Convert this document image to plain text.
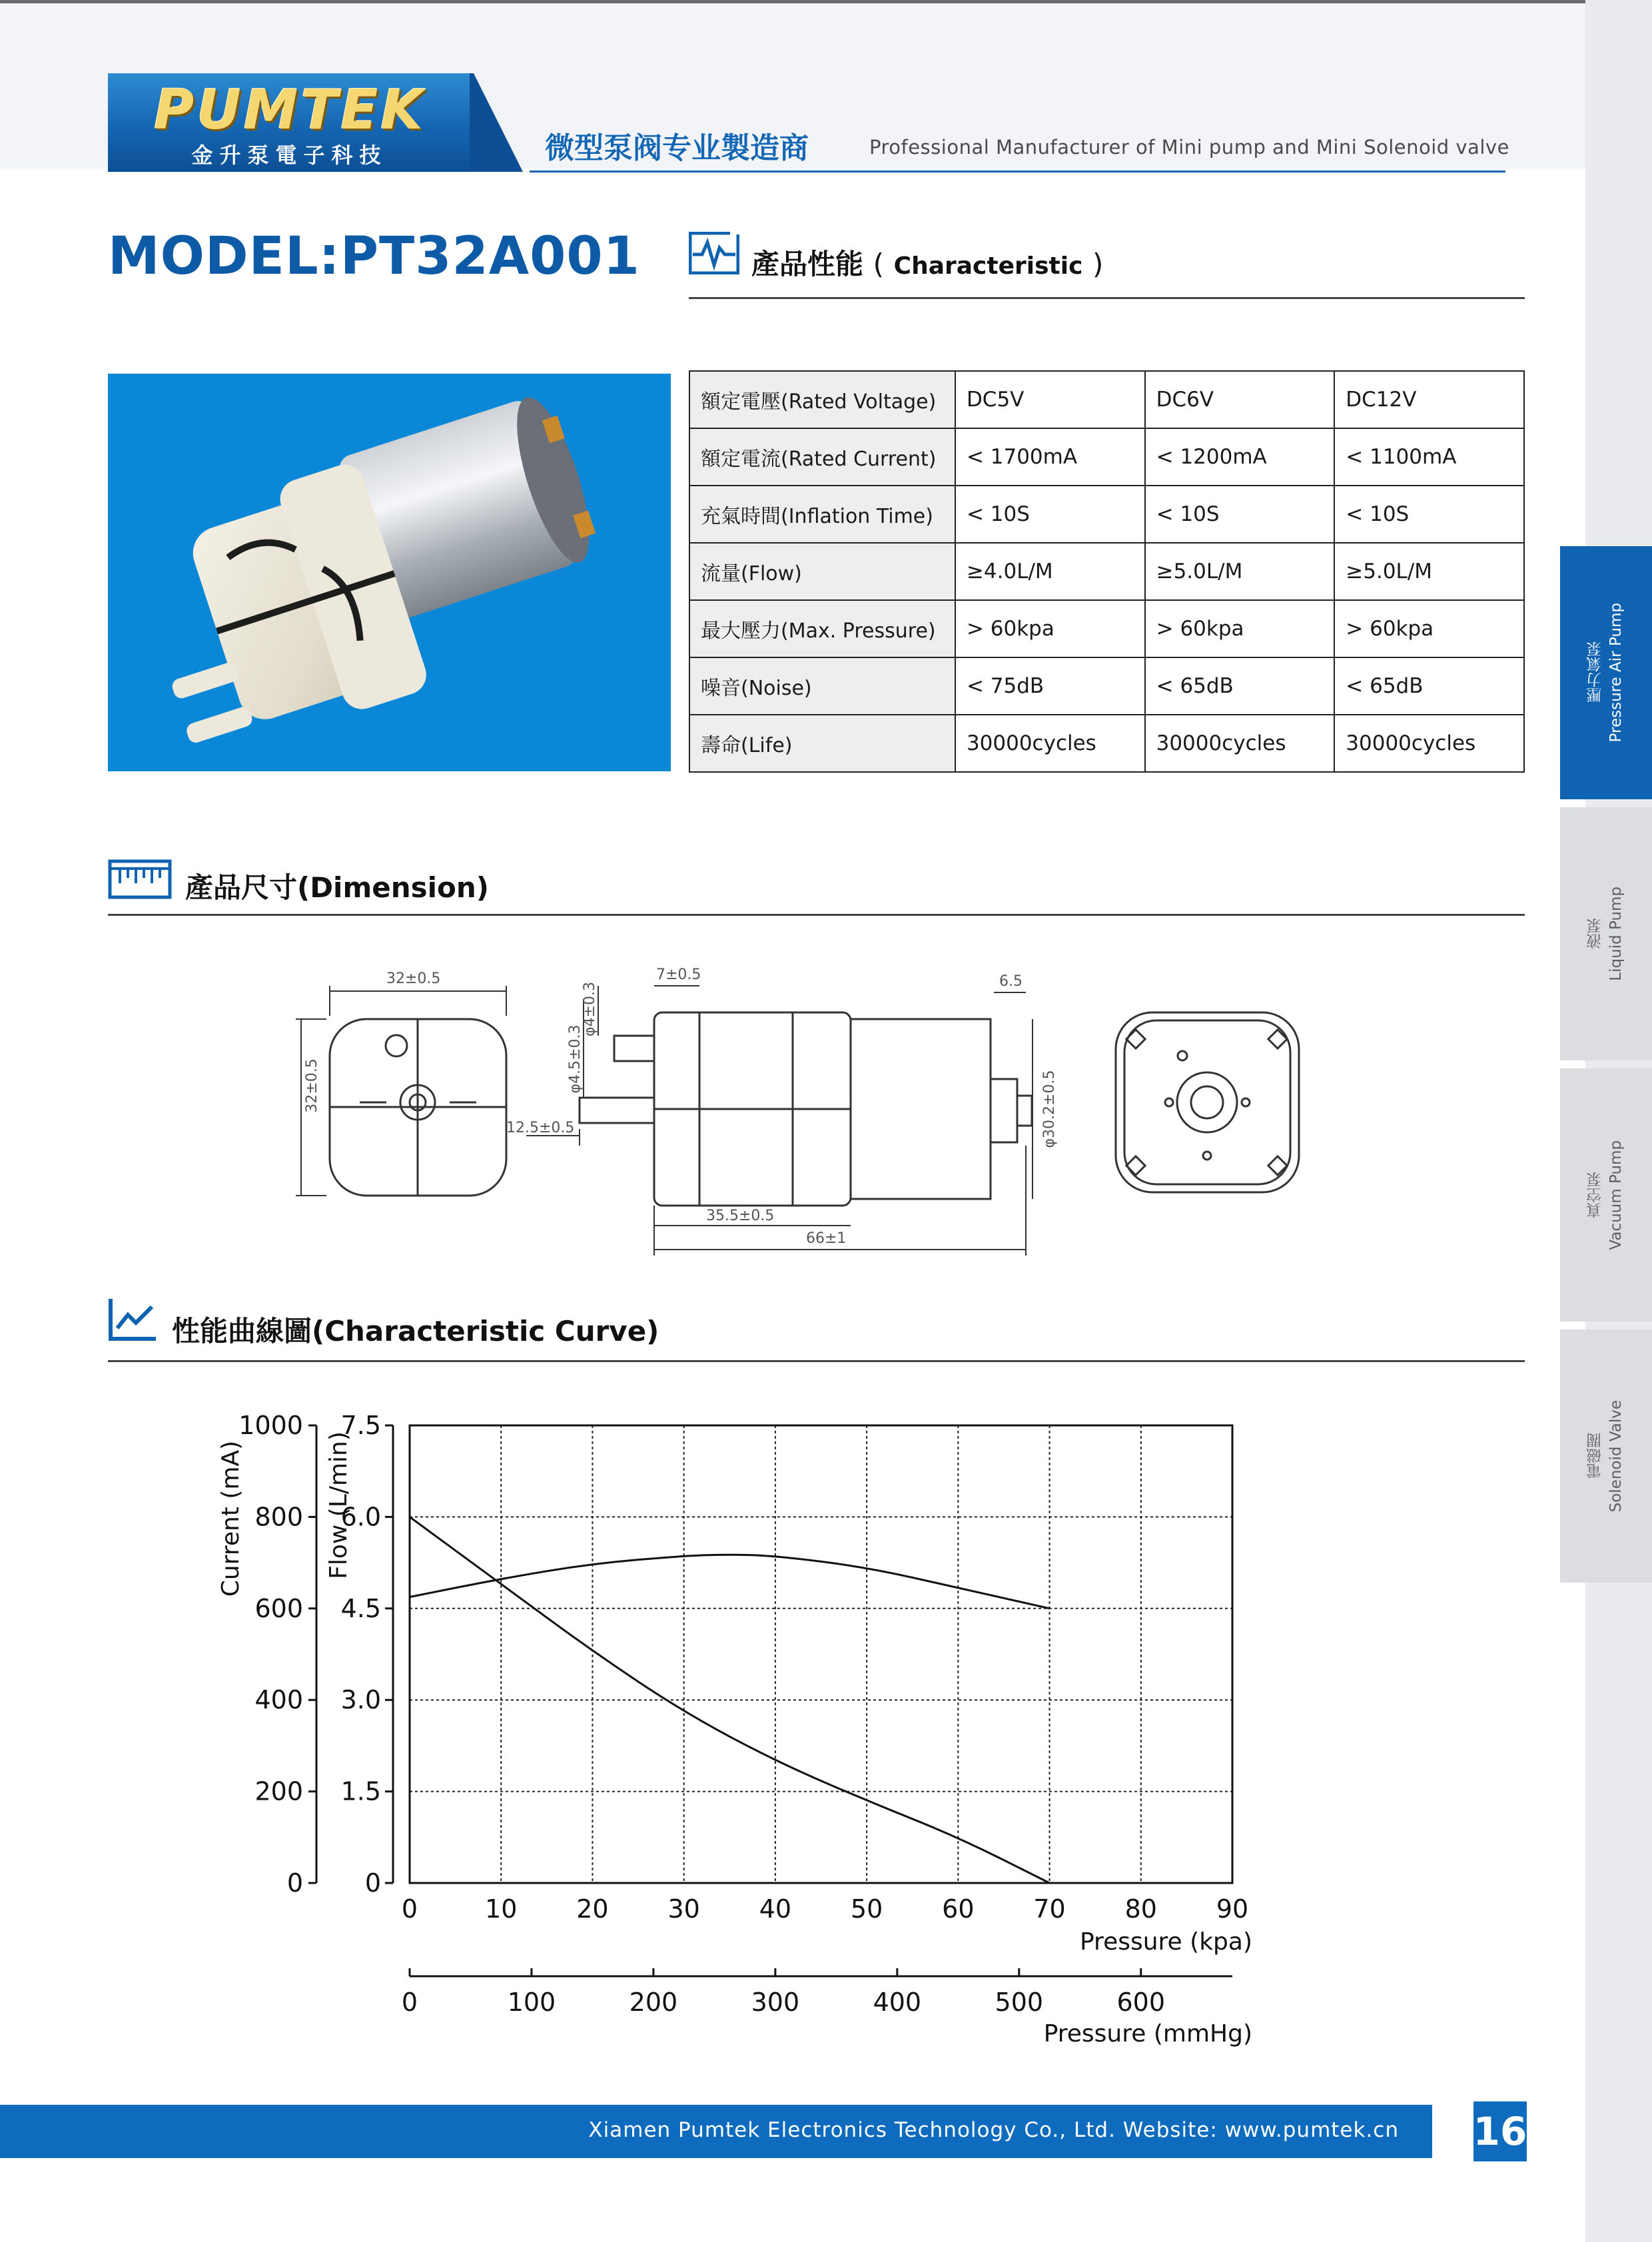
PUMTEK
金升泵電子科技	微型泵阀专业製造商	Professional Manufacturer of Mini pump and Mini Solenoid valve
MODEL:PT32A001	產品性能 ( Characteristic )
額定電壓(Rated Voltage)	DC5V	DC6V	DC12V
額定電流(Rated Current)	< 1700mA	< 1200mA	< 1100mA
充氣時間(Inflation Time)	< 10S	< 10S	< 10S
流量(Flow)	≥4.0L/M	≥5.0L/M	≥5.0L/M
最大壓力(Max. Pressure)	> 60kpa	> 60kpa	> 60kpa
噪音(Noise)	< 75dB	< 65dB	< 65dB
壽命(Life)	30000cycles	30000cycles	30000cycles
產品尺寸(Dimension)
32±0.5
32±0.5
φ4±0.3
7±0.5
φ4.5±0.3
6.5
12.5±0.5	φ30.2±0.5
35.5±0.5
66±1
性能曲線圖(Characteristic Curve)
0
200
400
600
800
1000
0
1.5
3.0
4.5
6.0
7.5
Current (mA)	Flow (L/min)
0	10 20 30 40 50 60 70 80 90
Pressure (kpa)
0	100	200	300	400	500	600
Pressure (mmHg)
壓力氣泵 Pressure Air Pump
液泵 Liquid Pump
真空泵 Vacuum Pump
電磁閥 Solenoid Valve
Xiamen Pumtek Electronics Technology Co., Ltd. Website: www.pumtek.cn 16
